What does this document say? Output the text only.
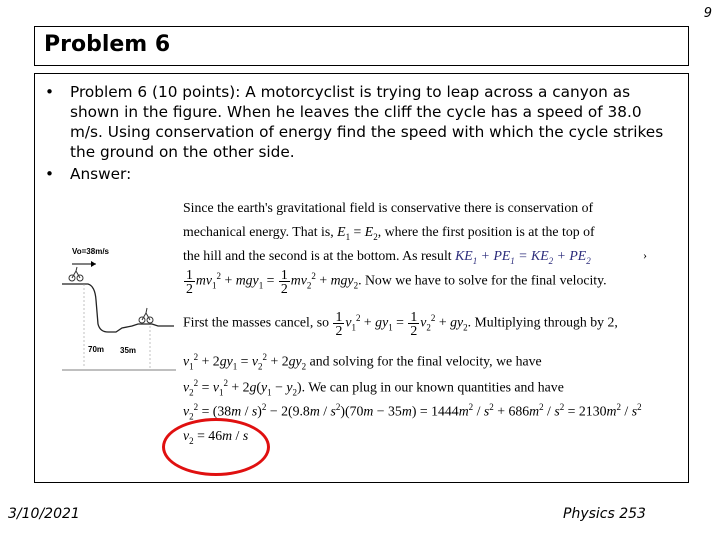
9
Problem 6
• Problem 6 (10 points): A motorcyclist is trying to leap across a canyon as shown in the figure. When he leaves the cliff the cycle has a speed of 38.0 m/s. Using conservation of energy find the speed with which the cycle strikes the ground on the other side.
• Answer:
Vo=38m/s
70m 35m
Since the earth's gravitational field is conservative there is conservation of
mechanical energy. That is, $E_1 = E_2$, where the first position is at the top of
the hill and the second is at the bottom. As result $KE_1 + PE_1 = KE_2 + PE_2$	›
$\frac{1}{2} mv_1^2 + mgy_1 = \frac{1}{2} mv_2^2 + mgy_2$. Now we have to solve for the final velocity.
First the masses cancel, so $\frac{1}{2} v_1^2 + gy_1 = \frac{1}{2} v_2^2 + gy_2$. Multiplying through by 2,
$v_1^2 + 2gy_1 = v_2^2 + 2gy_2$ and solving for the final velocity, we have
$v_2^2 = v_1^2 + 2g(y_1 - y_2)$. We can plug in our known quantities and have
$v_2^2 = (38m / s)^2 - 2(9.8m / s^2)(70m - 35m) = 1444m^2 / s^2 + 686m^2 / s^2 = 2130m^2 / s^2$
$v_2 = 46m / s$
3/10/2021	Physics 253
